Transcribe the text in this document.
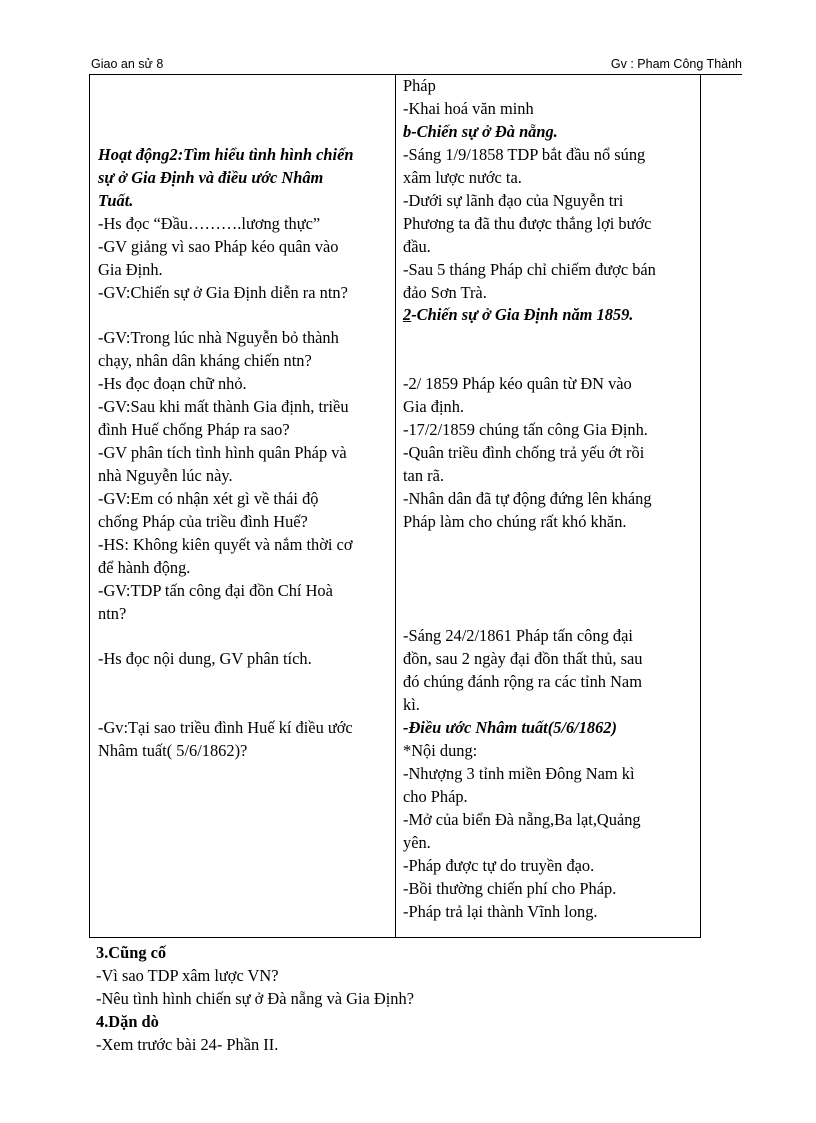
Giao an sử 8	Gv : Pham Công Thành
Hoạt động2:Tìm hiểu tình hình chiến
sự ở Gia Định và điều ước Nhâm
Tuất.
-Hs đọc “Đầu……….lương thực”
-GV giảng vì sao Pháp kéo quân vào
Gia Định.
-GV:Chiến sự ở Gia Định diễn ra ntn?
-GV:Trong lúc nhà Nguyễn bỏ thành
chạy, nhân dân kháng chiến ntn?
-Hs đọc đoạn chữ nhỏ.
-GV:Sau khi mất thành Gia định, triều
đình Huế chống Pháp ra sao?
-GV phân tích tình hình quân Pháp và
nhà Nguyễn lúc này.
-GV:Em có nhận xét gì về thái độ
chống Pháp của triều đình Huế?
-HS: Không kiên quyết và nắm thời cơ
để hành động.
-GV:TDP tấn công đại đồn Chí Hoà
ntn?
-Hs đọc nội dung, GV phân tích.
-Gv:Tại sao triều đình Huế kí điều ước
Nhâm tuất( 5/6/1862)?
Pháp
-Khai hoá văn minh
b-Chiến sự ở Đà nẵng.
-Sáng 1/9/1858 TDP bắt đầu nổ súng
xâm lược nước ta.
-Dưới sự lãnh đạo của Nguyễn tri
Phương ta đã thu được thắng lợi bước
đầu.
-Sau 5 tháng Pháp chỉ chiếm được bán
đảo Sơn Trà.
2-Chiến sự ở Gia Định năm 1859.
-2/ 1859 Pháp kéo quân từ ĐN vào
Gia định.
-17/2/1859 chúng tấn công Gia Định.
-Quân triều đình chống trả yếu ớt rồi
tan rã.
-Nhân dân đã tự động đứng lên kháng
Pháp làm cho chúng rất khó khăn.
-Sáng 24/2/1861 Pháp tấn công đại
đồn, sau 2 ngày đại đồn thất thủ, sau
đó chúng đánh rộng ra các tỉnh Nam
kì.
-Điều ước Nhâm tuất(5/6/1862)
*Nội dung:
-Nhượng 3 tỉnh miền Đông Nam kì
cho Pháp.
-Mở của biển Đà nẵng,Ba lạt,Quảng
yên.
-Pháp được tự do truyền đạo.
-Bồi thường chiến phí cho Pháp.
-Pháp trả lại thành Vĩnh long.
3.Cũng cố
-Vì sao TDP xâm lược VN?
-Nêu tình hình chiến sự ở Đà nẵng và Gia Định?
4.Dặn dò
-Xem trước bài 24- Phần II.
